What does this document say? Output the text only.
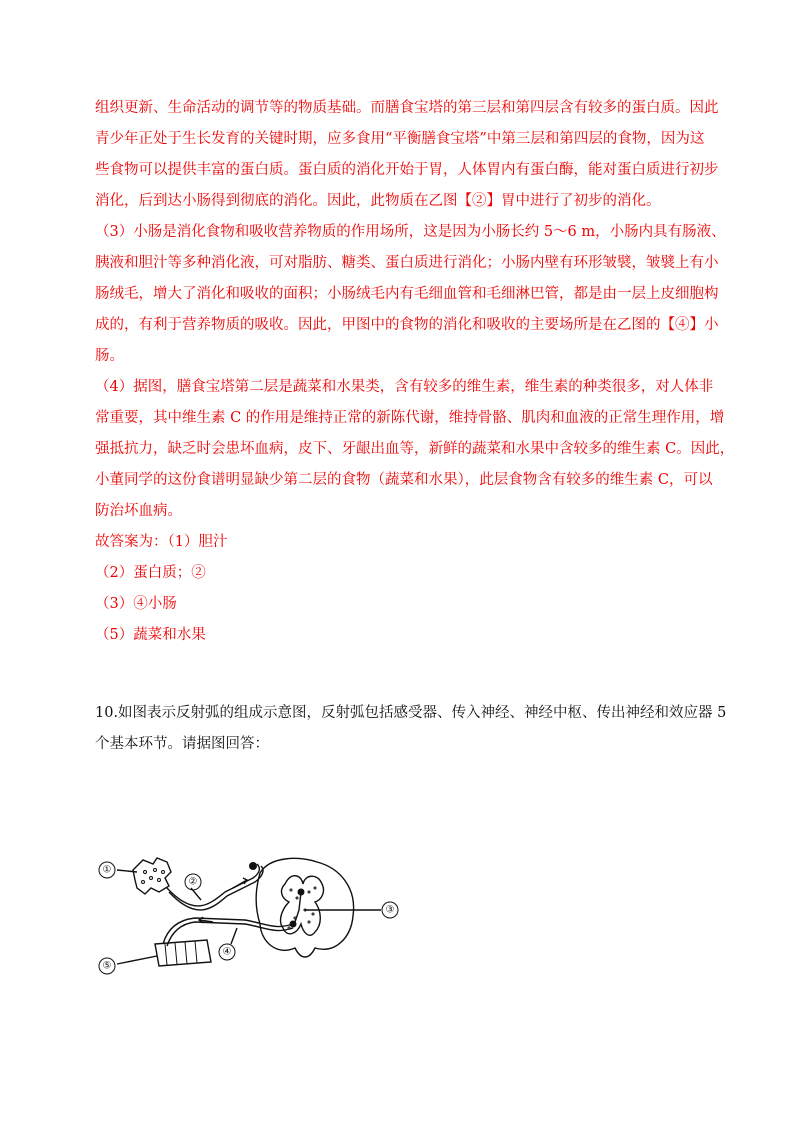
组织更新、生命活动的调节等的物质基础。而膳食宝塔的第三层和第四层含有较多的蛋白质。因此
青少年正处于生长发育的关键时期，应多食用“平衡膳食宝塔”中第三层和第四层的食物，因为这
些食物可以提供丰富的蛋白质。蛋白质的消化开始于胃，人体胃内有蛋白酶，能对蛋白质进行初步
消化，后到达小肠得到彻底的消化。因此，此物质在乙图【②】胃中进行了初步的消化。
（3）小肠是消化食物和吸收营养物质的作用场所，这是因为小肠长约 5～6 m，小肠内具有肠液、
胰液和胆汁等多种消化液，可对脂肪、糖类、蛋白质进行消化；小肠内壁有环形皱襞，皱襞上有小
肠绒毛，增大了消化和吸收的面积；小肠绒毛内有毛细血管和毛细淋巴管，都是由一层上皮细胞构
成的，有利于营养物质的吸收。因此，甲图中的食物的消化和吸收的主要场所是在乙图的【④】小
肠。
（4）据图，膳食宝塔第二层是蔬菜和水果类，含有较多的维生素，维生素的种类很多，对人体非
常重要，其中维生素 C 的作用是维持正常的新陈代谢，维持骨骼、肌肉和血液的正常生理作用，增
强抵抗力，缺乏时会患坏血病，皮下、牙龈出血等，新鲜的蔬菜和水果中含较多的维生素 C。因此，
小董同学的这份食谱明显缺少第二层的食物（蔬菜和水果），此层食物含有较多的维生素 C，可以
防治坏血病。
故答案为：（1）胆汁
（2）蛋白质；②
（3）④小肠
（5）蔬菜和水果
10.如图表示反射弧的组成示意图，反射弧包括感受器、传入神经、神经中枢、传出神经和效应器 5
个基本环节。请据图回答：
①
②
③
④
⑤
